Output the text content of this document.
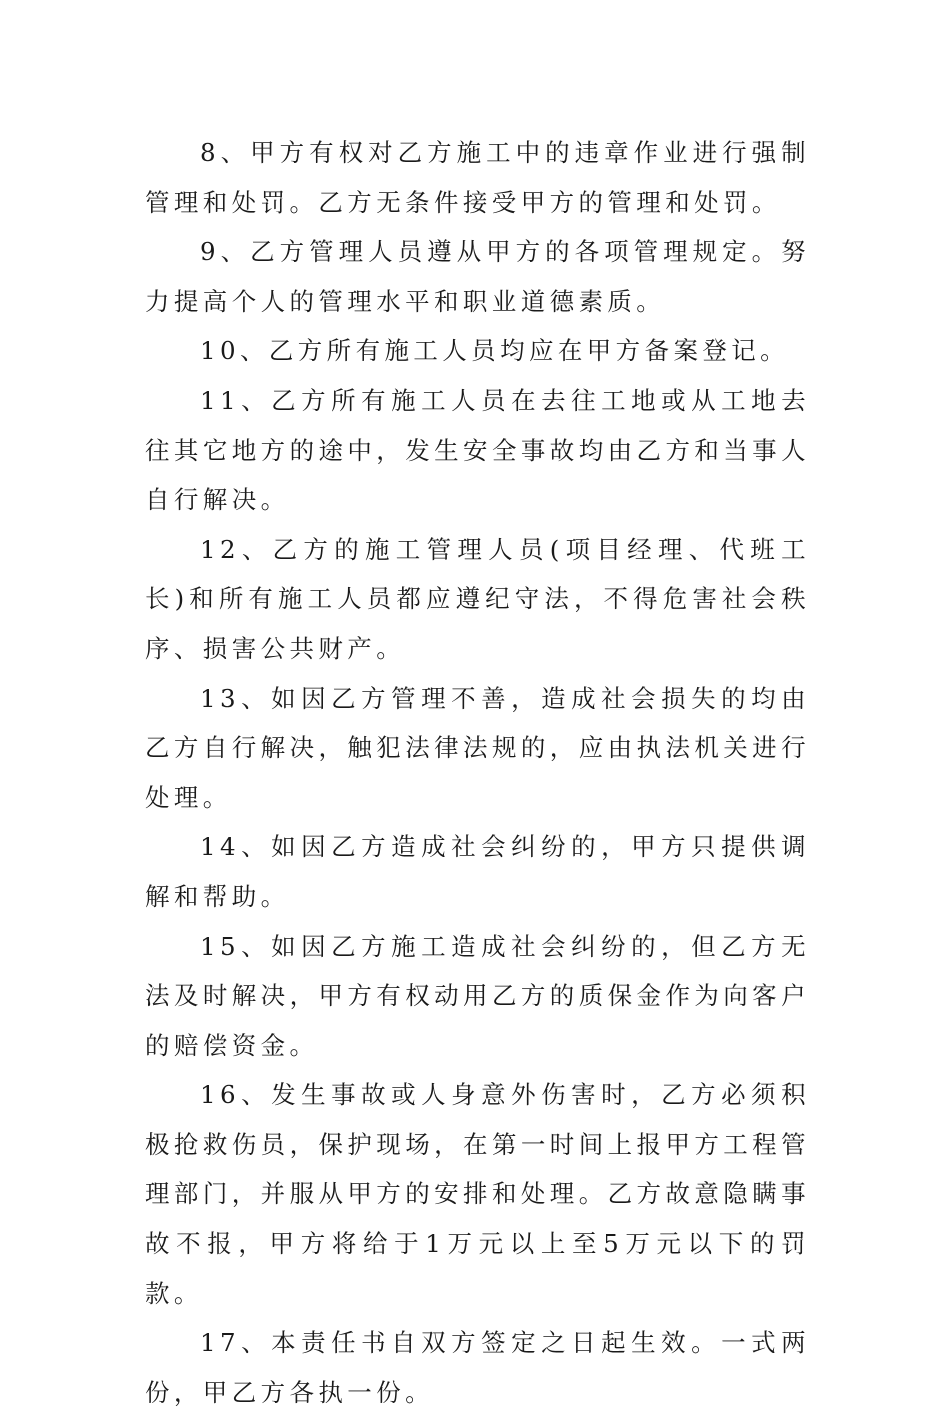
8、甲方有权对乙方施工中的违章作业进行强制管理和处罚。乙方无条件接受甲方的管理和处罚。

9、乙方管理人员遵从甲方的各项管理规定。努力提高个人的管理水平和职业道德素质。

10、乙方所有施工人员均应在甲方备案登记。

11、乙方所有施工人员在去往工地或从工地去往其它地方的途中，发生安全事故均由乙方和当事人自行解决。

12、乙方的施工管理人员(项目经理、代班工长)和所有施工人员都应遵纪守法，不得危害社会秩序、损害公共财产。

13、如因乙方管理不善，造成社会损失的均由乙方自行解决，触犯法律法规的，应由执法机关进行处理。

14、如因乙方造成社会纠纷的，甲方只提供调解和帮助。

15、如因乙方施工造成社会纠纷的，但乙方无法及时解决，甲方有权动用乙方的质保金作为向客户的赔偿资金。

16、发生事故或人身意外伤害时，乙方必须积极抢救伤员，保护现场，在第一时间上报甲方工程管理部门，并服从甲方的安排和处理。乙方故意隐瞒事故不报，甲方将给于1万元以上至5万元以下的罚款。

17、本责任书自双方签定之日起生效。一式两份，甲乙方各执一份。
